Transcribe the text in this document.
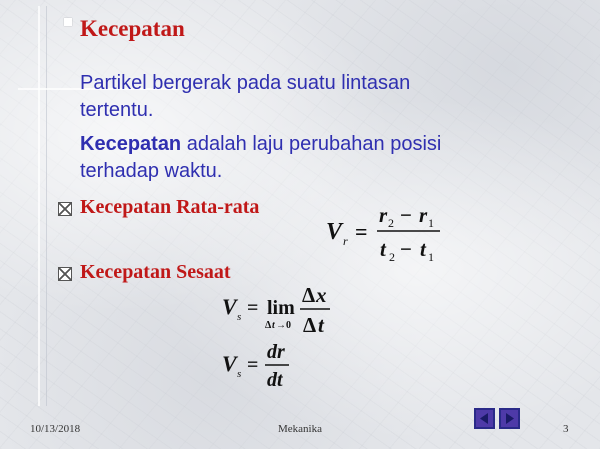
Kecepatan
Partikel bergerak pada suatu lintasan
tertentu.
Kecepatan adalah laju perubahan posisi
terhadap waktu.
Kecepatan Rata-rata
Kecepatan Sesaat
V r =
r 2 − r 1
t 2 − t 1
V s = lim
Δ t →0
Δ x
Δ t
V s =
dr
dt
10/13/2018	Mekanika	3
